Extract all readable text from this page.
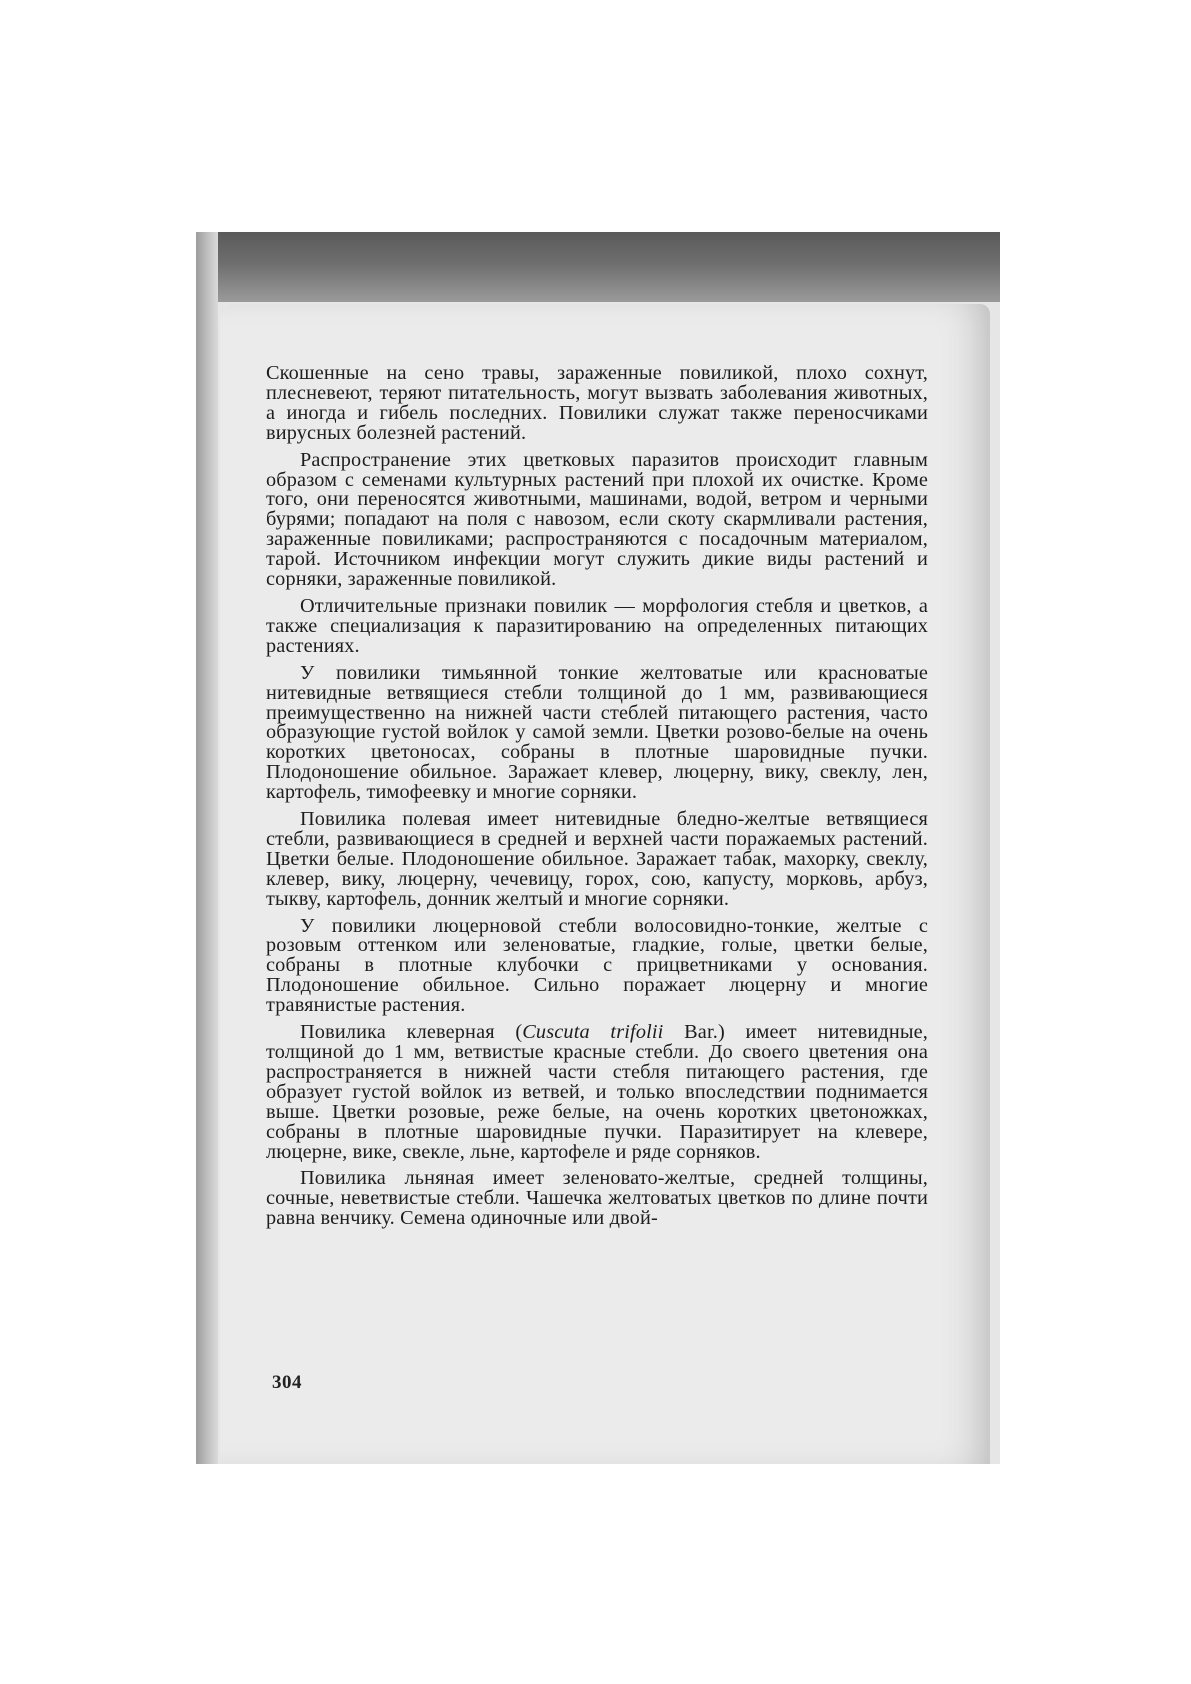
Скошенные на сено травы, зараженные повиликой, плохо сохнут, плесневеют, теряют питательность, могут вызвать заболевания животных, а иногда и гибель последних. Повилики служат также переносчиками вирусных болезней растений.

Распространение этих цветковых паразитов происходит главным образом с семенами культурных растений при плохой их очистке. Кроме того, они переносятся животными, машинами, водой, ветром и черными бурями; попадают на поля с навозом, если скоту скармливали растения, зараженные повиликами; распространяются с посадочным материалом, тарой. Источником инфекции могут служить дикие виды растений и сорняки, зараженные повиликой.

Отличительные признаки повилик — морфология стебля и цветков, а также специализация к паразитированию на определенных питающих растениях.

У повилики тимьянной тонкие желтоватые или красноватые нитевидные ветвящиеся стебли толщиной до 1 мм, развивающиеся преимущественно на нижней части стеблей питающего растения, часто образующие густой войлок у самой земли. Цветки розово-белые на очень коротких цветоносах, собраны в плотные шаровидные пучки. Плодоношение обильное. Заражает клевер, люцерну, вику, свеклу, лен, картофель, тимофеевку и многие сорняки.

Повилика полевая имеет нитевидные бледно-желтые ветвящиеся стебли, развивающиеся в средней и верхней части поражаемых растений. Цветки белые. Плодоношение обильное. Заражает табак, махорку, свеклу, клевер, вику, люцерну, чечевицу, горох, сою, капусту, морковь, арбуз, тыкву, картофель, донник желтый и многие сорняки.

У повилики люцерновой стебли волосовидно-тонкие, желтые с розовым оттенком или зеленоватые, гладкие, голые, цветки белые, собраны в плотные клубочки с прицветниками у основания. Плодоношение обильное. Сильно поражает люцерну и многие травянистые растения.

Повилика клеверная (Cuscuta trifolii Bar.) имеет нитевидные, толщиной до 1 мм, ветвистые красные стебли. До своего цветения она распространяется в нижней части стебля питающего растения, где образует густой войлок из ветвей, и только впоследствии поднимается выше. Цветки розовые, реже белые, на очень коротких цветоножках, собраны в плотные шаровидные пучки. Паразитирует на клевере, люцерне, вике, свекле, льне, картофеле и ряде сорняков.

Повилика льняная имеет зеленовато-желтые, средней толщины, сочные, неветвистые стебли. Чашечка желтоватых цветков по длине почти равна венчику. Семена одиночные или двой-

304
